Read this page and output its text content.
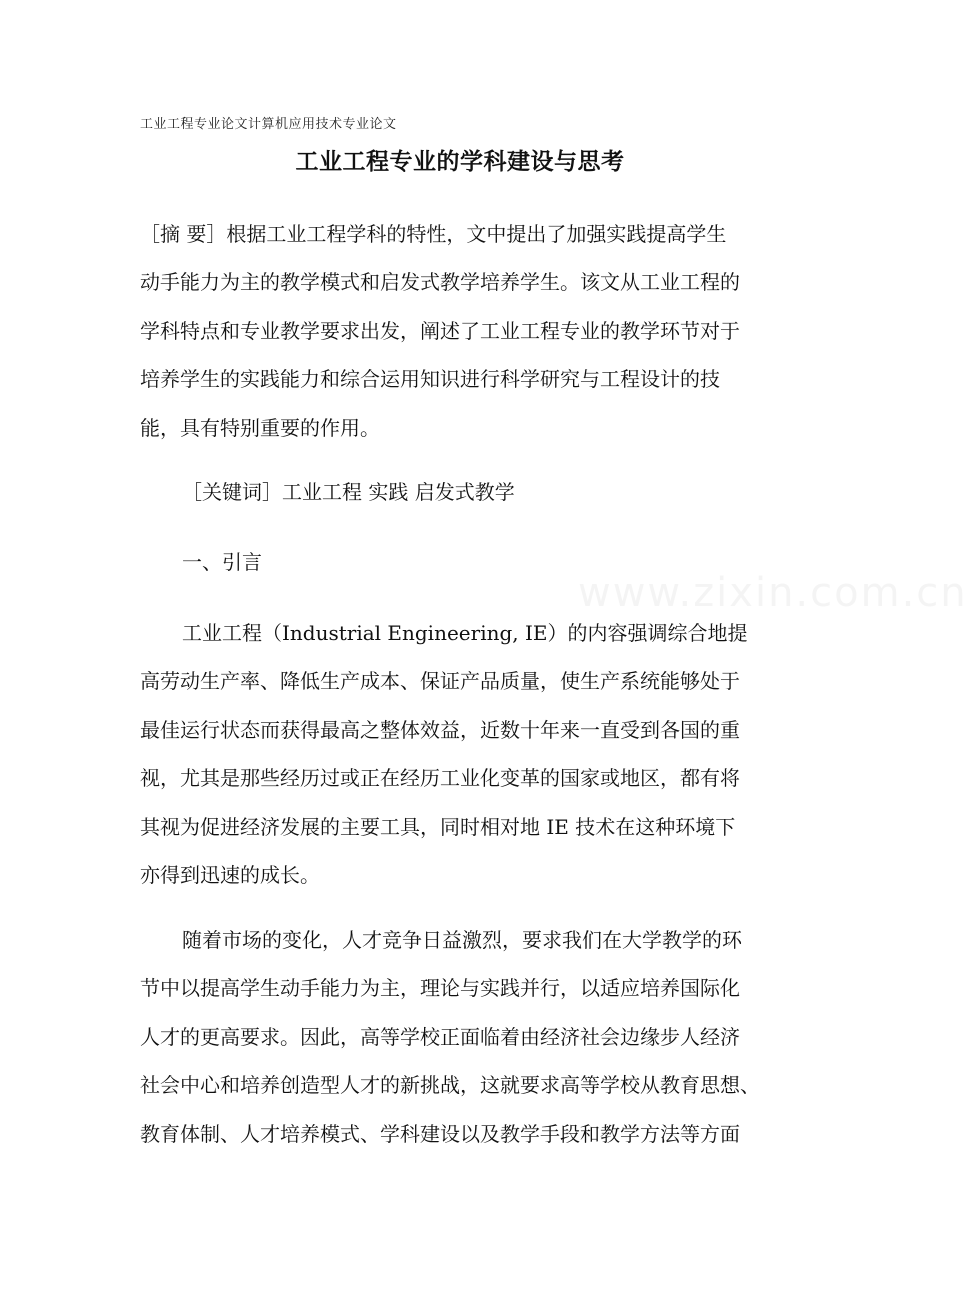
工业工程专业论文计算机应用技术专业论文
工业工程专业的学科建设与思考
［摘 要］根据工业工程学科的特性，文中提出了加强实践提高学生
动手能力为主的教学模式和启发式教学培养学生。该文从工业工程的
学科特点和专业教学要求出发，阐述了工业工程专业的教学环节对于
培养学生的实践能力和综合运用知识进行科学研究与工程设计的技
能，具有特别重要的作用。
［关键词］工业工程 实践 启发式教学
一、引言
工业工程（Industrial Engineering, IE）的内容强调综合地提
高劳动生产率、降低生产成本、保证产品质量，使生产系统能够处于
最佳运行状态而获得最高之整体效益，近数十年来一直受到各国的重
视，尤其是那些经历过或正在经历工业化变革的国家或地区，都有将
其视为促进经济发展的主要工具，同时相对地 IE 技术在这种环境下
亦得到迅速的成长。
随着市场的变化，人才竞争日益激烈，要求我们在大学教学的环
节中以提高学生动手能力为主，理论与实践并行，以适应培养国际化
人才的更高要求。因此，高等学校正面临着由经济社会边缘步人经济
社会中心和培养创造型人才的新挑战，这就要求高等学校从教育思想、
教育体制、人才培养模式、学科建设以及教学手段和教学方法等方面
www.zixin.com.cn
